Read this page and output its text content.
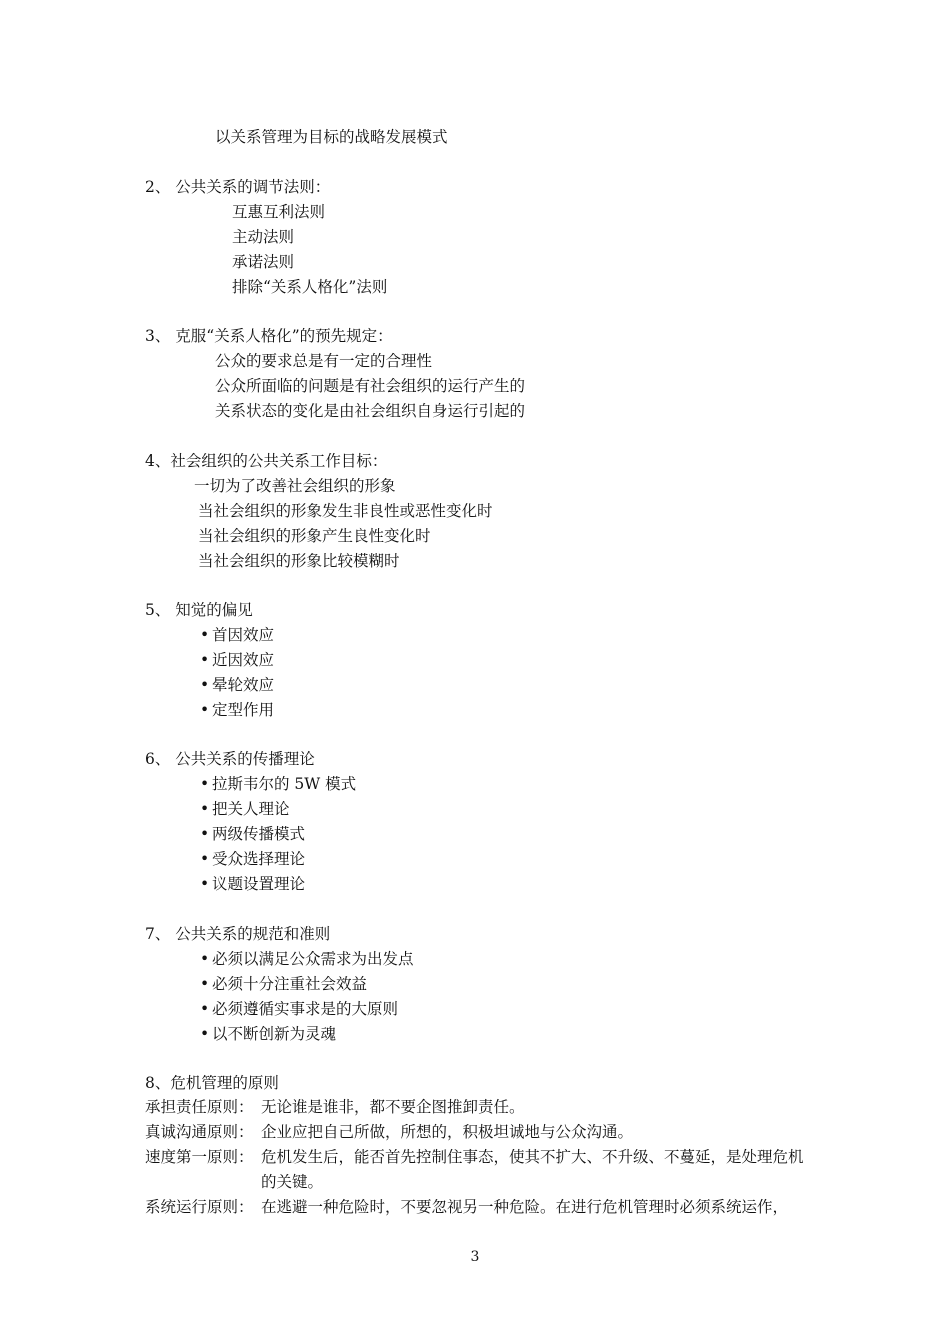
以关系管理为目标的战略发展模式
2、 公共关系的调节法则：
互惠互利法则
主动法则
承诺法则
排除“关系人格化”法则
3、 克服“关系人格化”的预先规定：
公众的要求总是有一定的合理性
公众所面临的问题是有社会组织的运行产生的
关系状态的变化是由社会组织自身运行引起的
4、社会组织的公共关系工作目标：
一切为了改善社会组织的形象
当社会组织的形象发生非良性或恶性变化时
当社会组织的形象产生良性变化时
当社会组织的形象比较模糊时
5、 知觉的偏见
• 首因效应
• 近因效应
• 晕轮效应
• 定型作用
6、 公共关系的传播理论
• 拉斯韦尔的 5W 模式
• 把关人理论
• 两级传播模式
• 受众选择理论
• 议题设置理论
7、 公共关系的规范和准则
• 必须以满足公众需求为出发点
• 必须十分注重社会效益
• 必须遵循实事求是的大原则
• 以不断创新为灵魂
8、危机管理的原则
承担责任原则： 无论谁是谁非，都不要企图推卸责任。
真诚沟通原则： 企业应把自己所做，所想的，积极坦诚地与公众沟通。
速度第一原则： 危机发生后，能否首先控制住事态，使其不扩大、不升级、不蔓延，是处理危机的关键。
系统运行原则： 在逃避一种危险时，不要忽视另一种危险。在进行危机管理时必须系统运作，
3
